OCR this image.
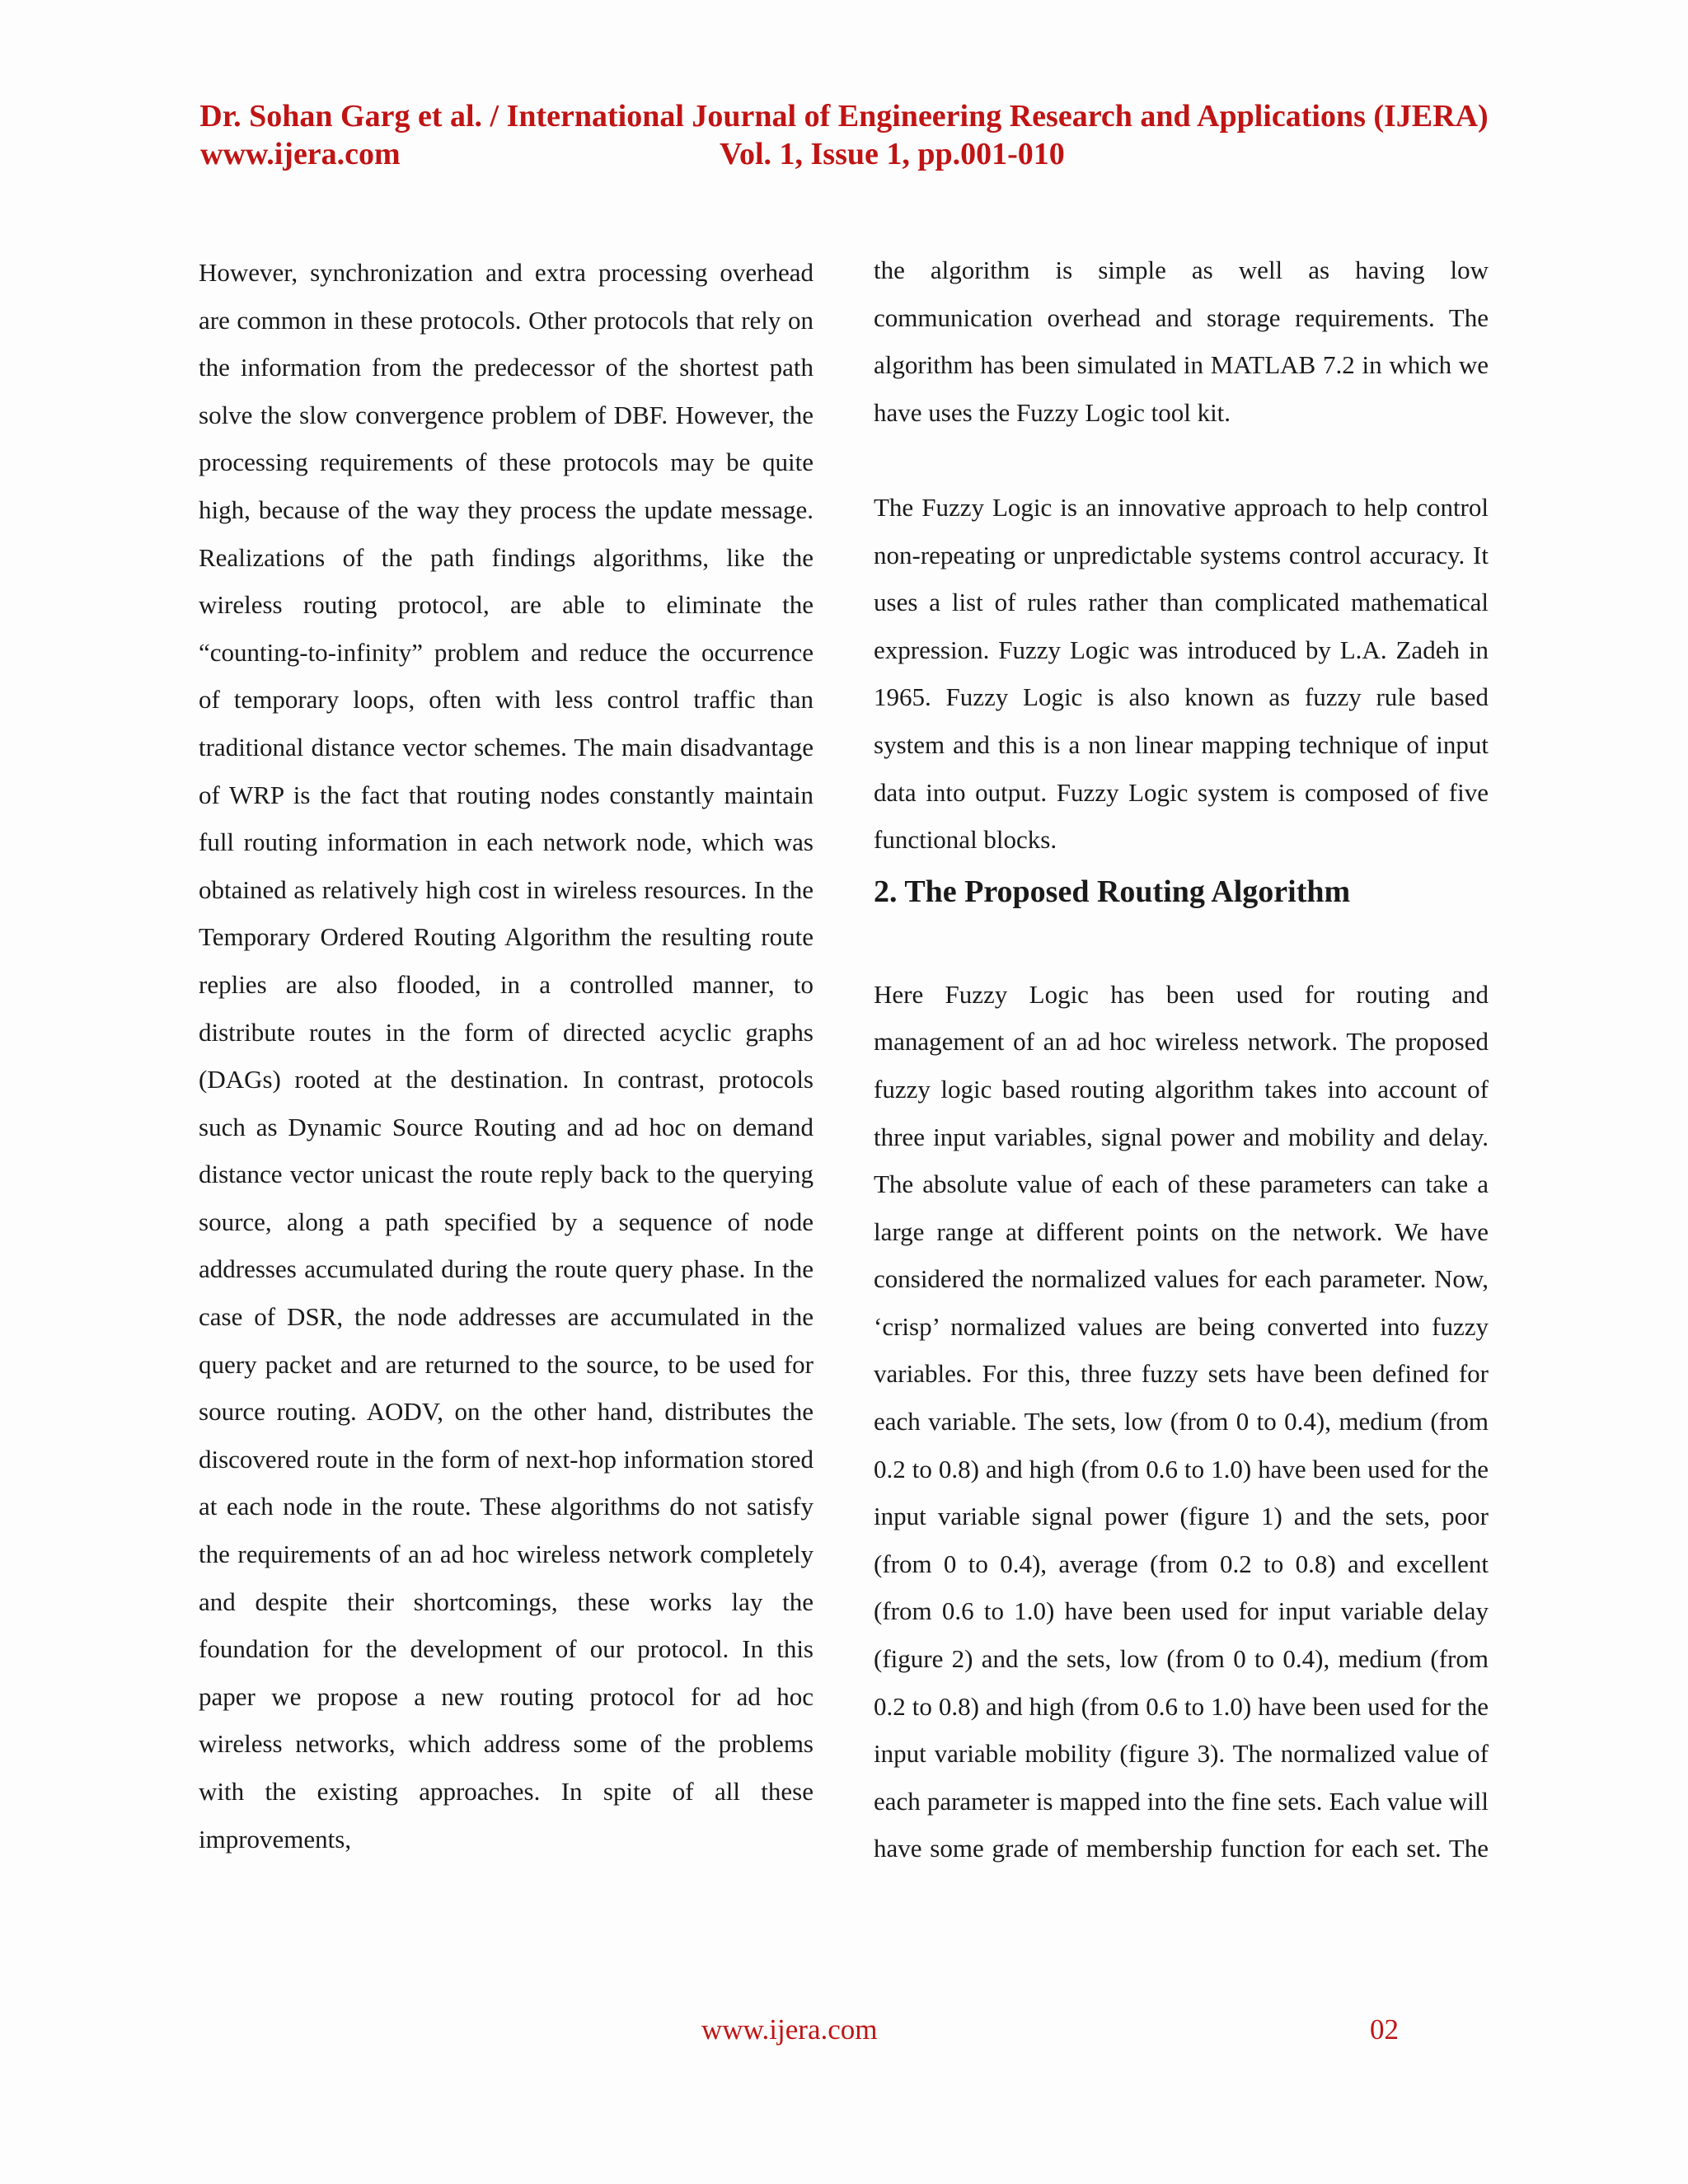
Dr. Sohan Garg et al. / International Journal of Engineering Research and Applications (IJERA)
www.ijera.com	Vol. 1, Issue 1, pp.001-010

However, synchronization and extra processing overhead are common in these protocols. Other protocols that rely on the information from the predecessor of the shortest path solve the slow convergence problem of DBF. However, the processing requirements of these protocols may be quite high, because of the way they process the update message. Realizations of the path findings algorithms, like the wireless routing protocol, are able to eliminate the “counting-to-infinity” problem and reduce the occurrence of temporary loops, often with less control traffic than traditional distance vector schemes. The main disadvantage of WRP is the fact that routing nodes constantly maintain full routing information in each network node, which was obtained as relatively high cost in wireless resources. In the Temporary Ordered Routing Algorithm the resulting route replies are also flooded, in a controlled manner, to distribute routes in the form of directed acyclic graphs (DAGs) rooted at the destination. In contrast, protocols such as Dynamic Source Routing and ad hoc on demand distance vector unicast the route reply back to the querying source, along a path specified by a sequence of node addresses accumulated during the route query phase. In the case of DSR, the node addresses are accumulated in the query packet and are returned to the source, to be used for source routing. AODV, on the other hand, distributes the discovered route in the form of next-hop information stored at each node in the route. These algorithms do not satisfy the requirements of an ad hoc wireless network completely and despite their shortcomings, these works lay the foundation for the development of our protocol. In this paper we propose a new routing protocol for ad hoc wireless networks, which address some of the problems with the existing approaches. In spite of all these improvements,

the algorithm is simple as well as having low communication overhead and storage requirements. The algorithm has been simulated in MATLAB 7.2 in which we have uses the Fuzzy Logic tool kit.

The Fuzzy Logic is an innovative approach to help control non-repeating or unpredictable systems control accuracy. It uses a list of rules rather than complicated mathematical expression. Fuzzy Logic was introduced by L.A. Zadeh in 1965. Fuzzy Logic is also known as fuzzy rule based system and this is a non linear mapping technique of input data into output. Fuzzy Logic system is composed of five functional blocks.

2. The Proposed Routing Algorithm

Here Fuzzy Logic has been used for routing and management of an ad hoc wireless network. The proposed fuzzy logic based routing algorithm takes into account of three input variables, signal power and mobility and delay. The absolute value of each of these parameters can take a large range at different points on the network. We have considered the normalized values for each parameter. Now, ‘crisp’ normalized values are being converted into fuzzy variables. For this, three fuzzy sets have been defined for each variable. The sets, low (from 0 to 0.4), medium (from 0.2 to 0.8) and high (from 0.6 to 1.0) have been used for the input variable signal power (figure 1) and the sets, poor (from 0 to 0.4), average (from 0.2 to 0.8) and excellent (from 0.6 to 1.0) have been used for input variable delay (figure 2) and the sets, low (from 0 to 0.4), medium (from 0.2 to 0.8) and high (from 0.6 to 1.0) have been used for the input variable mobility (figure 3). The normalized value of each parameter is mapped into the fine sets. Each value will have some grade of membership function for each set. The

www.ijera.com	02
